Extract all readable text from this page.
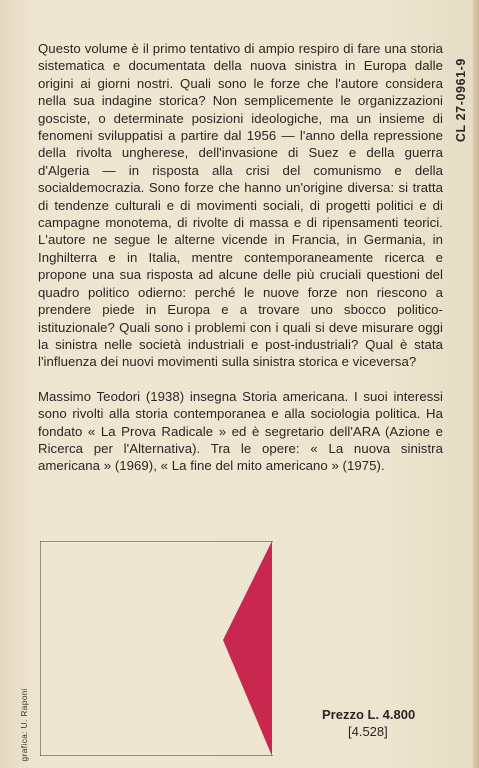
Questo volume è il primo tentativo di ampio respiro di fare una storia sistematica e documentata della nuova sinistra in Europa dalle origini ai giorni nostri. Quali sono le forze che l'autore considera nella sua indagine storica? Non semplicemente le organizzazioni gosciste, o determinate posizioni ideologiche, ma un insieme di fenomeni sviluppatisi a partire dal 1956 — l'anno della repressione della rivolta ungherese, dell'invasione di Suez e della guerra d'Algeria — in risposta alla crisi del comunismo e della socialdemocrazia. Sono forze che hanno un'origine diversa: si tratta di tendenze culturali e di movimenti sociali, di progetti politici e di campagne monotema, di rivolte di massa e di ripensamenti teorici. L'autore ne segue le alterne vicende in Francia, in Germania, in Inghilterra e in Italia, mentre contemporaneamente ricerca e propone una sua risposta ad alcune delle più cruciali questioni del quadro politico odierno: perché le nuove forze non riescono a prendere piede in Europa e a trovare uno sbocco politico-istituzionale? Quali sono i problemi con i quali si deve misurare oggi la sinistra nelle società industriali e post-industriali? Qual è stata l'influenza dei nuovi movimenti sulla sinistra storica e viceversa?

Massimo Teodori (1938) insegna Storia americana. I suoi interessi sono rivolti alla storia contemporanea e alla sociologia politica. Ha fondato « La Prova Radicale » ed è segretario dell'ARA (Azione e Ricerca per l'Alternativa). Tra le opere: « La nuova sinistra americana » (1969), « La fine del mito americano » (1975).

CL 27-0961-9
grafica: U. Raponi	Prezzo L. 4.800
[4.528]
